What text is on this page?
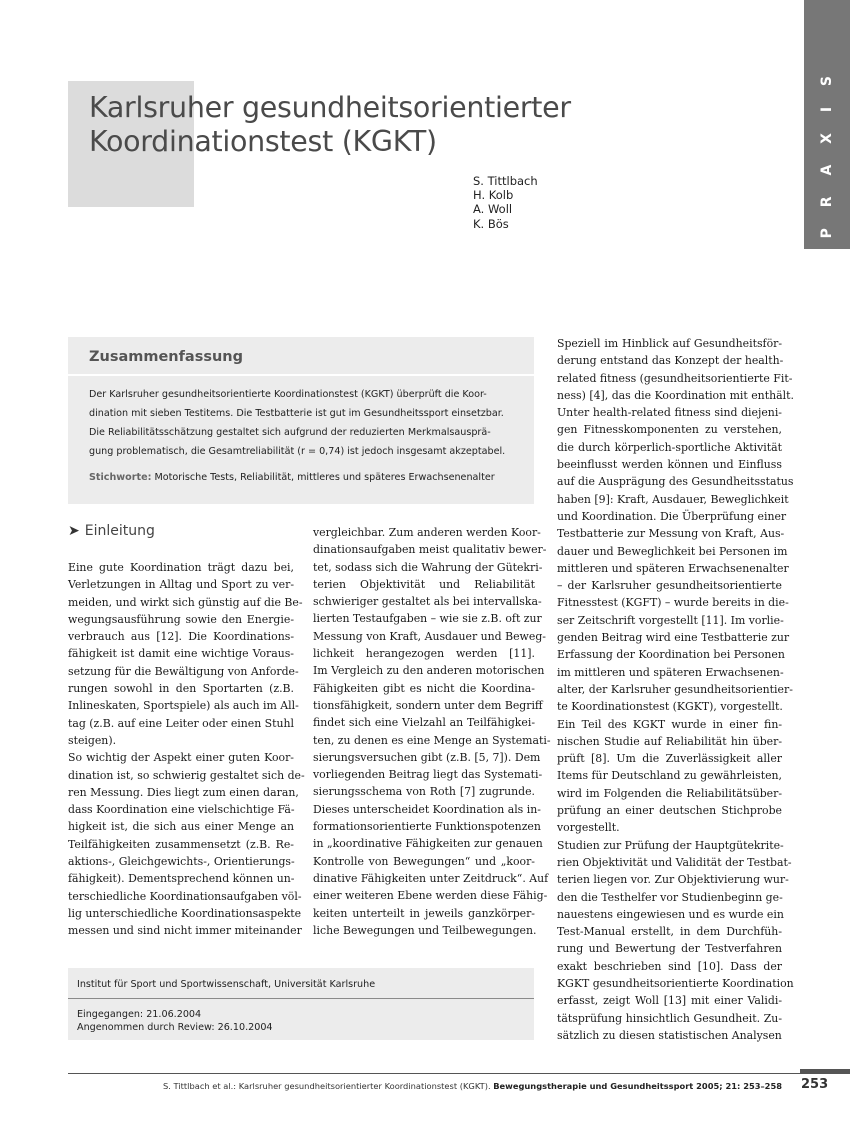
P R A X I S
Karlsruher gesundheitsorientierter
Koordinationstest (KGKT)
S. Tittlbach
H. Kolb
A. Woll
K. Bös
Zusammenfassung
Der Karlsruher gesundheitsorientierte Koordinationstest (KGKT) überprüft die Koor-
dination mit sieben Testitems. Die Testbatterie ist gut im Gesundheitssport einsetzbar.
Die Reliabilitätsschätzung gestaltet sich aufgrund der reduzierten Merkmalsausprä-
gung problematisch, die Gesamtreliabilität (r = 0,74) ist jedoch insgesamt akzeptabel.
Stichworte: Motorische Tests, Reliabilität, mittleres und späteres Erwachsenenalter
➤ Einleitung
Eine gute Koordination trägt dazu bei,
Verletzungen in Alltag und Sport zu ver-
meiden, und wirkt sich günstig auf die Be-
wegungsausführung sowie den Energie-
verbrauch aus [12]. Die Koordinations-
fähigkeit ist damit eine wichtige Voraus-
setzung für die Bewältigung von Anforde-
rungen sowohl in den Sportarten (z.B.
Inlineskaten, Sportspiele) als auch im All-
tag (z.B. auf eine Leiter oder einen Stuhl
steigen).
So wichtig der Aspekt einer guten Koor-
dination ist, so schwierig gestaltet sich de-
ren Messung. Dies liegt zum einen daran,
dass Koordination eine vielschichtige Fä-
higkeit ist, die sich aus einer Menge an
Teilfähigkeiten zusammensetzt (z.B. Re-
aktions-, Gleichgewichts-, Orientierungs-
fähigkeit). Dementsprechend können un-
terschiedliche Koordinationsaufgaben völ-
lig unterschiedliche Koordinationsaspekte
messen und sind nicht immer miteinander
vergleichbar. Zum anderen werden Koor-
dinationsaufgaben meist qualitativ bewer-
tet, sodass sich die Wahrung der Gütekri-
terien Objektivität und Reliabilität
schwieriger gestaltet als bei intervallska-
lierten Testaufgaben – wie sie z.B. oft zur
Messung von Kraft, Ausdauer und Beweg-
lichkeit herangezogen werden [11].
Im Vergleich zu den anderen motorischen
Fähigkeiten gibt es nicht die Koordina-
tionsfähigkeit, sondern unter dem Begriff
findet sich eine Vielzahl an Teilfähigkei-
ten, zu denen es eine Menge an Systemati-
sierungsversuchen gibt (z.B. [5, 7]). Dem
vorliegenden Beitrag liegt das Systemati-
sierungsschema von Roth [7] zugrunde.
Dieses unterscheidet Koordination als in-
formationsorientierte Funktionspotenzen
in „koordinative Fähigkeiten zur genauen
Kontrolle von Bewegungen“ und „koor-
dinative Fähigkeiten unter Zeitdruck“. Auf
einer weiteren Ebene werden diese Fähig-
keiten unterteilt in jeweils ganzkörper-
liche Bewegungen und Teilbewegungen.
Speziell im Hinblick auf Gesundheitsför-
derung entstand das Konzept der health-
related fitness (gesundheitsorientierte Fit-
ness) [4], das die Koordination mit enthält.
Unter health-related fitness sind diejeni-
gen Fitnesskomponenten zu verstehen,
die durch körperlich-sportliche Aktivität
beeinflusst werden können und Einfluss
auf die Ausprägung des Gesundheitsstatus
haben [9]: Kraft, Ausdauer, Beweglichkeit
und Koordination. Die Überprüfung einer
Testbatterie zur Messung von Kraft, Aus-
dauer und Beweglichkeit bei Personen im
mittleren und späteren Erwachsenenalter
– der Karlsruher gesundheitsorientierte
Fitnesstest (KGFT) – wurde bereits in die-
ser Zeitschrift vorgestellt [11]. Im vorlie-
genden Beitrag wird eine Testbatterie zur
Erfassung der Koordination bei Personen
im mittleren und späteren Erwachsenen-
alter, der Karlsruher gesundheitsorientier-
te Koordinationstest (KGKT), vorgestellt.
Ein Teil des KGKT wurde in einer fin-
nischen Studie auf Reliabilität hin über-
prüft [8]. Um die Zuverlässigkeit aller
Items für Deutschland zu gewährleisten,
wird im Folgenden die Reliabilitätsüber-
prüfung an einer deutschen Stichprobe
vorgestellt.
Studien zur Prüfung der Hauptgütekrite-
rien Objektivität und Validität der Testbat-
terien liegen vor. Zur Objektivierung wur-
den die Testhelfer vor Studienbeginn ge-
nauestens eingewiesen und es wurde ein
Test-Manual erstellt, in dem Durchfüh-
rung und Bewertung der Testverfahren
exakt beschrieben sind [10]. Dass der
KGKT gesundheitsorientierte Koordination
erfasst, zeigt Woll [13] mit einer Validi-
tätsprüfung hinsichtlich Gesundheit. Zu-
sätzlich zu diesen statistischen Analysen
Institut für Sport und Sportwissenschaft, Universität Karlsruhe
Eingegangen: 21.06.2004
Angenommen durch Review: 26.10.2004
S. Tittlbach et al.: Karlsruher gesundheitsorientierter Koordinationstest (KGKT). Bewegungstherapie und Gesundheitssport 2005; 21: 253–258 253
